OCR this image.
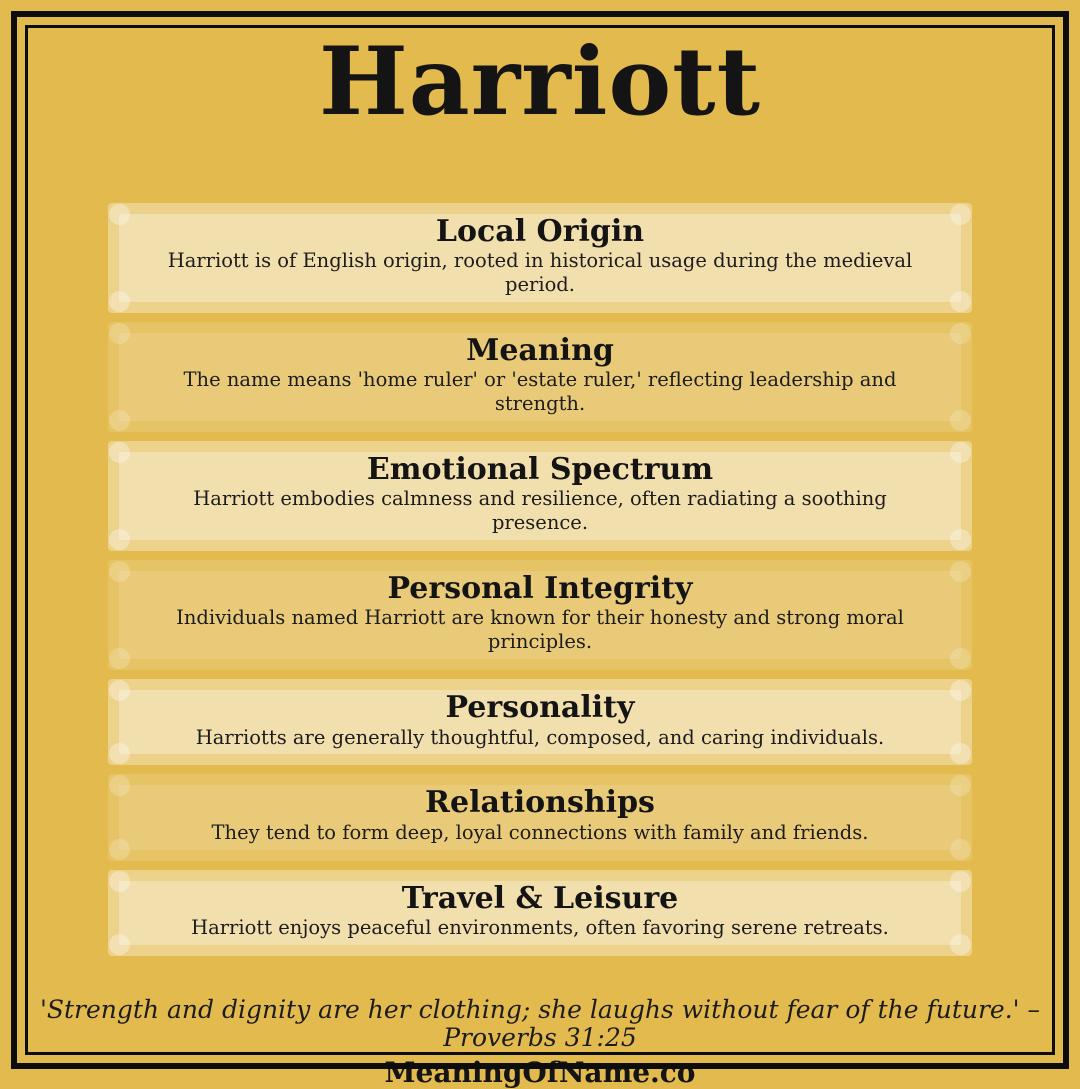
Harriott
Local Origin

Harriott is of English origin, rooted in historical usage during the medieval period.

Meaning

The name means 'home ruler' or 'estate ruler,' reflecting leadership and strength.

Emotional Spectrum

Harriott embodies calmness and resilience, often radiating a soothing presence.

Personal Integrity

Individuals named Harriott are known for their honesty and strong moral principles.

Personality

Harriotts are generally thoughtful, composed, and caring individuals.

Relationships

They tend to form deep, loyal connections with family and friends.

Travel & Leisure

Harriott enjoys peaceful environments, often favoring serene retreats.

'Strength and dignity are her clothing; she laughs without fear of the future.' –
Proverbs 31:25

MeaningOfName.co
